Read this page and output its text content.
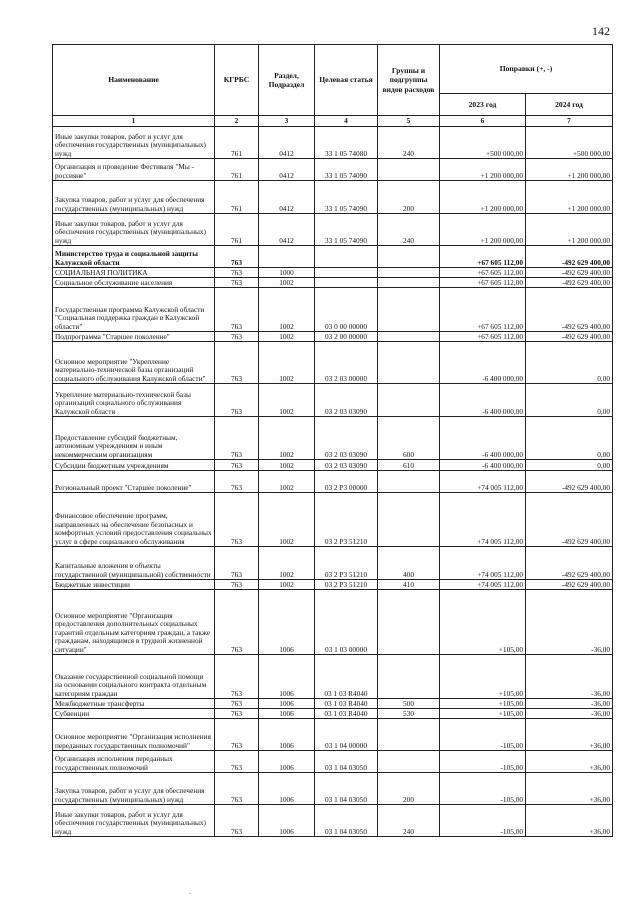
142
Наименование	КГРБС	Раздел, Подраздел	Целевая статья	Группы и подгруппы видов расходов	Поправки (+, -)	
					2023 год	2024 год
1	2	3	4	5	6	7
Иные закупки товаров, работ и услуг для обеспечения государственных (муниципальных) нужд	761	0412	33 1 05 74080	240	+500 000,00	+500 000,00
Организация и проведение Фестиваля "Мы - россияне"	761	0412	33 1 05 74090		+1 200 000,00	+1 200 000,00
Закупка товаров, работ и услуг для обеспечения государственных (муниципальных) нужд	761	0412	33 1 05 74090	200	+1 200 000,00	+1 200 000,00
Иные закупки товаров, работ и услуг для обеспечения государственных (муниципальных) нужд	761	0412	33 1 05 74090	240	+1 200 000,00	+1 200 000,00
Министерство труда и социальной защиты Калужской области	763				+67 605 112,00	-492 629 400,00
СОЦИАЛЬНАЯ ПОЛИТИКА	763	1000			+67 605 112,00	-492 629 400,00
Социальное обслуживание населения	763	1002			+67 605 112,00	-492 629 400,00
Государственная программа Калужской области "Социальная поддержка граждан в Калужской области"	763	1002	03 0 00 00000		+67 605 112,00	-492 629 400,00
Подпрограмма "Старшее поколение"	763	1002	03 2 00 00000		+67 605 112,00	-492 629 400,00
Основное мероприятие "Укрепление материально-технической базы организаций социального обслуживания Калужской области"	763	1002	03 2 03 00000		-6 400 000,00	0,00
Укрепление материально-технической базы организаций социального обслуживания Калужской области	763	1002	03 2 03 03090		-6 400 000,00	0,00
Предоставление субсидий бюджетным, автономным учреждениям и иным некоммерческим организациям	763	1002	03 2 03 03090	600	-6 400 000,00	0,00
Субсидии бюджетным учреждениям	763	1002	03 2 03 03090	610	-6 400 000,00	0,00
Региональный проект "Старшее поколение"	763	1002	03 2 P3 00000		+74 005 112,00	-492 629 400,00
Финансовое обеспечение программ, направленных на обеспечение безопасных и комфортных условий предоставления социальных услуг в сфере социального обслуживания	763	1002	03 2 P3 51210		+74 005 112,00	-492 629 400,00
Капитальные вложения в объекты государственной (муниципальной) собственности	763	1002	03 2 P3 51210	400	+74 005 112,00	-492 629 400,00
Бюджетные инвестиции	763	1002	03 2 P3 51210	410	+74 005 112,00	-492 629 400,00
Основное мероприятие "Организация предоставления дополнительных социальных гарантий отдельным категориям граждан, а также гражданам, находящимся в трудной жизненной ситуации"	763	1006	03 1 03 00000		+105,00	-36,00
Оказание государственной социальной помощи на основании социального контракта отдельным категориям граждан	763	1006	03 1 03 R4040		+105,00	-36,00
Межбюджетные трансферты	763	1006	03 1 03 R4040	500	+105,00	-36,00
Субвенции	763	1006	03 1 03 R4040	530	+105,00	-36,00
Основное мероприятие "Организация исполнения переданных государственных полномочий"	763	1006	03 1 04 00000		-105,00	+36,00
Организация исполнения переданных государственных полномочий	763	1006	03 1 04 03050		-105,00	+36,00
Закупка товаров, работ и услуг для обеспечения государственных (муниципальных) нужд	763	1006	03 1 04 03050	200	-105,00	+36,00
Иные закупки товаров, работ и услуг для обеспечения государственных (муниципальных) нужд	763	1006	03 1 04 03050	240	-105,00	+36,00
.
